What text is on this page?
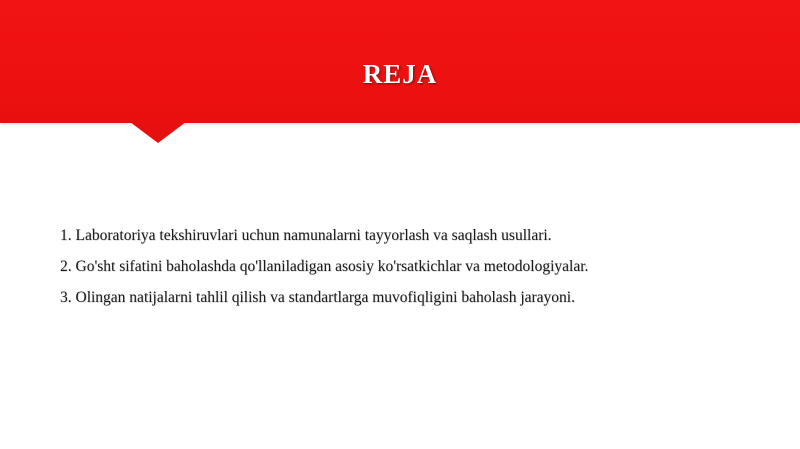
REJA
1. Laboratoriya tekshiruvlari uchun namunalarni tayyorlash va saqlash usullari.
2. Go'sht sifatini baholashda qo'llaniladigan asosiy ko'rsatkichlar va metodologiyalar.
3. Olingan natijalarni tahlil qilish va standartlarga muvofiqligini baholash jarayoni.
